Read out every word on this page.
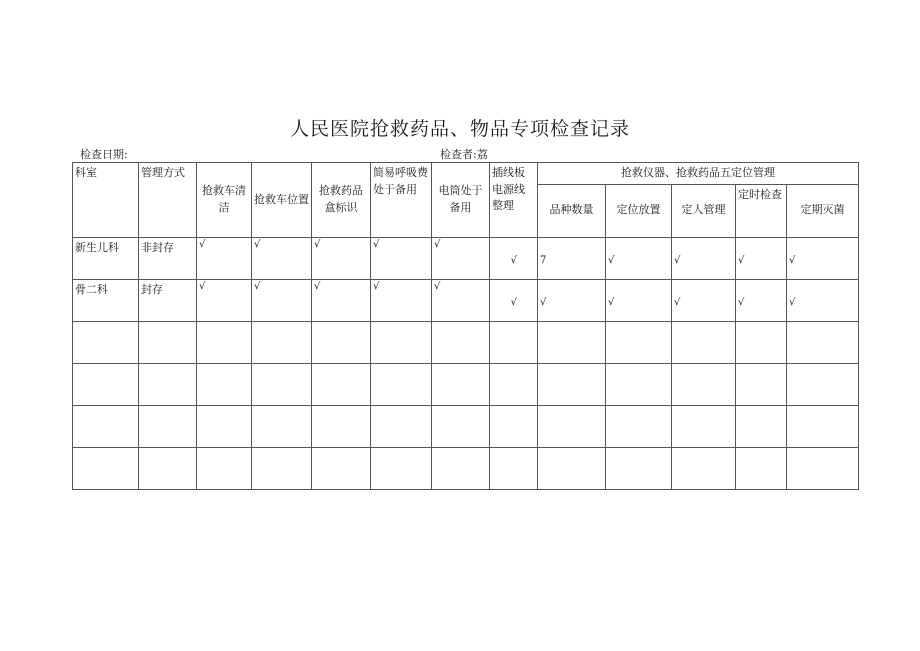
人民医院抢救药品、物品专项检查记录
检查日期:	检查者:荔
科室	管理方式	抢救车清洁	抢救车位置	抢救药品盒标识	简易呼吸费处于备用	电筒处于备用	插线板电源线整理	抢救仪器、抢救药品五定位管理				
								品种数量	定位放置	定人管理	定时检查	定期灭菌
新生儿科	非封存	√	√	√	√	√	√	7	√	√	√	√

骨二科	封存	√	√	√	√	√	√	√	√	√	√	√
